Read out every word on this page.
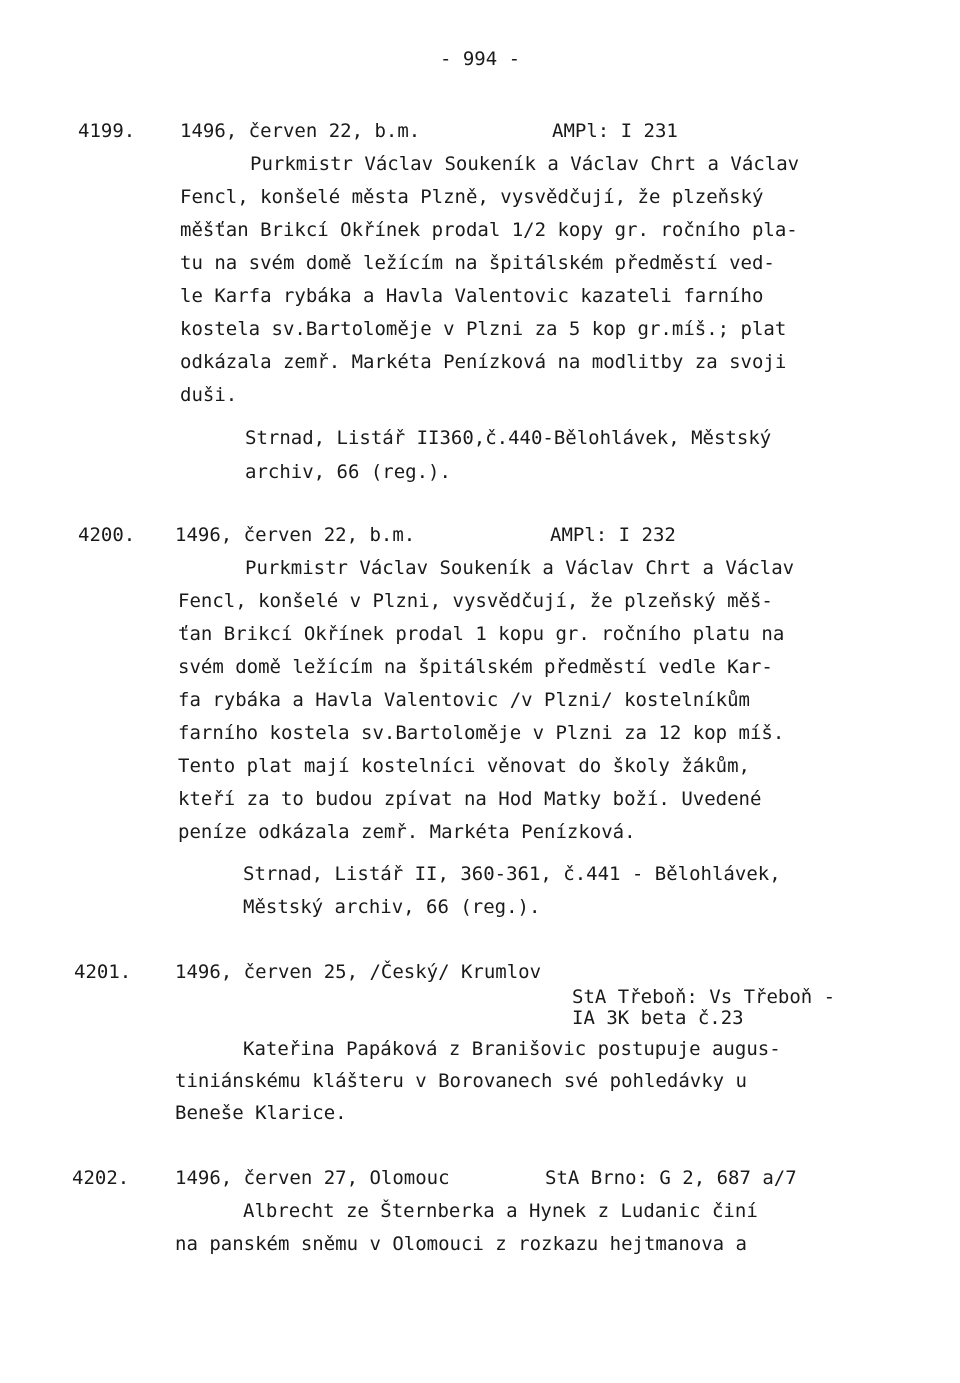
- 994 -
4199. 1496, červen 22, b.m.	AMPl: I 231
Purkmistr Václav Soukeník a Václav Chrt a Václav
Fencl, konšelé města Plzně, vysvědčují, že plzeňský
měšťan Brikcí Okřínek prodal 1/2 kopy gr. ročního pla-
tu na svém domě ležícím na špitálském předměstí ved-
le Karfa rybáka a Havla Valentovic kazateli farního
kostela sv.Bartoloměje v Plzni za 5 kop gr.míš.; plat
odkázala zemř. Markéta Penízková na modlitby za svoji
duši.
Strnad, Listář II360,č.440-Bělohlávek, Městský
archiv, 66 (reg.).
4200. 1496, červen 22, b.m.	AMPl: I 232
Purkmistr Václav Soukeník a Václav Chrt a Václav
Fencl, konšelé v Plzni, vysvědčují, že plzeňský měš-
ťan Brikcí Okřínek prodal 1 kopu gr. ročního platu na
svém domě ležícím na špitálském předměstí vedle Kar-
fa rybáka a Havla Valentovic /v Plzni/ kostelníkům
farního kostela sv.Bartoloměje v Plzni za 12 kop míš.
Tento plat mají kostelníci věnovat do školy žákům,
kteří za to budou zpívat na Hod Matky boží. Uvedené
peníze odkázala zemř. Markéta Penízková.
Strnad, Listář II, 360-361, č.441 - Bělohlávek,
Městský archiv, 66 (reg.).
4201. 1496, červen 25, /Český/ Krumlov
StA Třeboň: Vs Třeboň -
IA 3K beta č.23
Kateřina Papáková z Branišovic postupuje augus-
tiniánskému klášteru v Borovanech své pohledávky u
Beneše Klarice.
4202. 1496, červen 27, Olomouc	StA Brno: G 2, 687 a/7
Albrecht ze Šternberka a Hynek z Ludanic činí
na panském sněmu v Olomouci z rozkazu hejtmanova a
